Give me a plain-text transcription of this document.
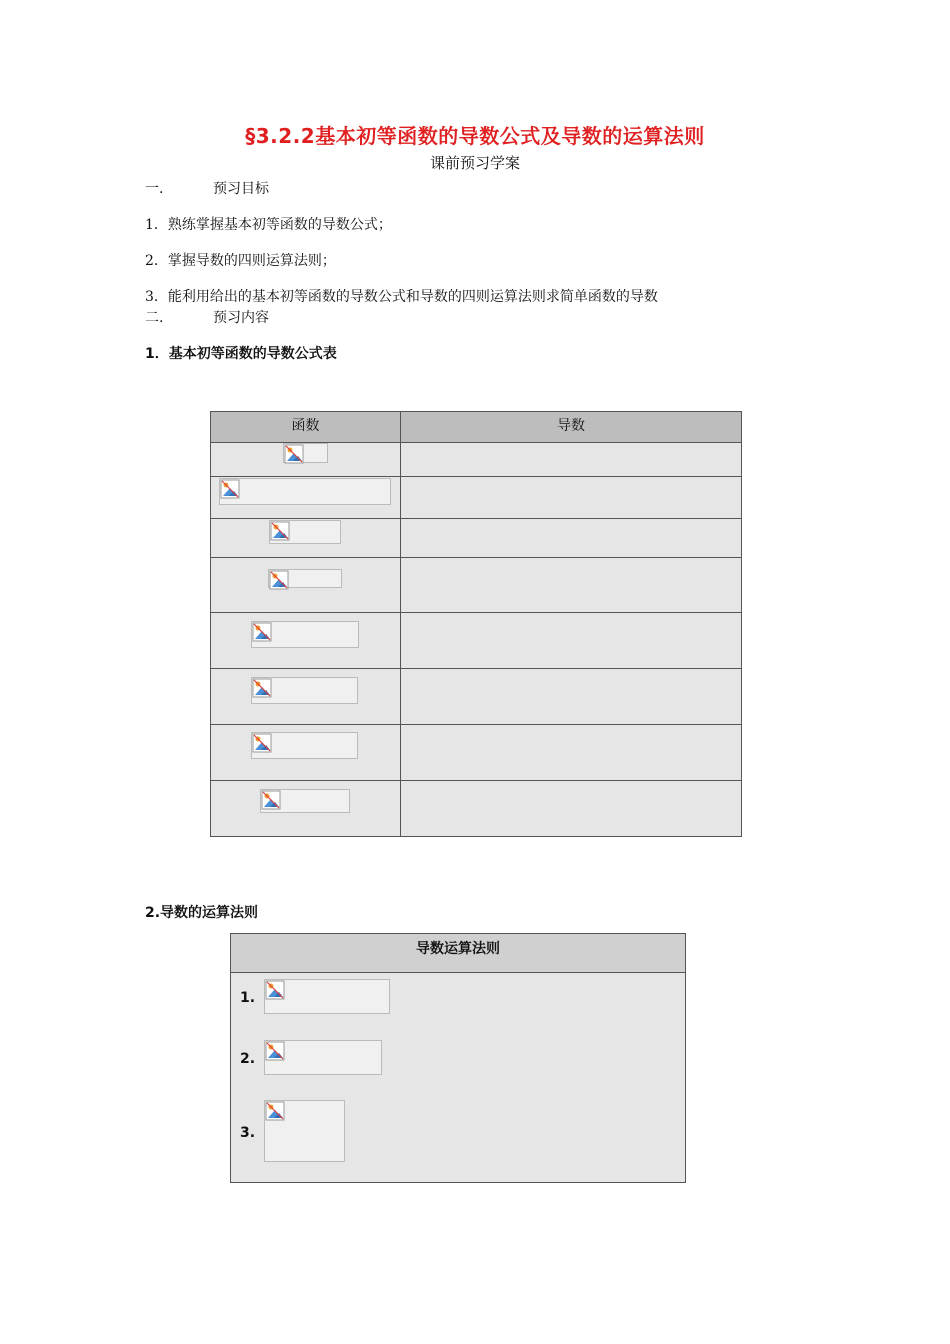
§3.2.2基本初等函数的导数公式及导数的运算法则
课前预习学案
一.	预习目标
1．熟练掌握基本初等函数的导数公式；
2．掌握导数的四则运算法则；
3．能利用给出的基本初等函数的导数公式和导数的四则运算法则求简单函数的导数
二.	预习内容
1．基本初等函数的导数公式表
函数	导数
2.导数的运算法则
导数运算法则
1.
2.
3.
